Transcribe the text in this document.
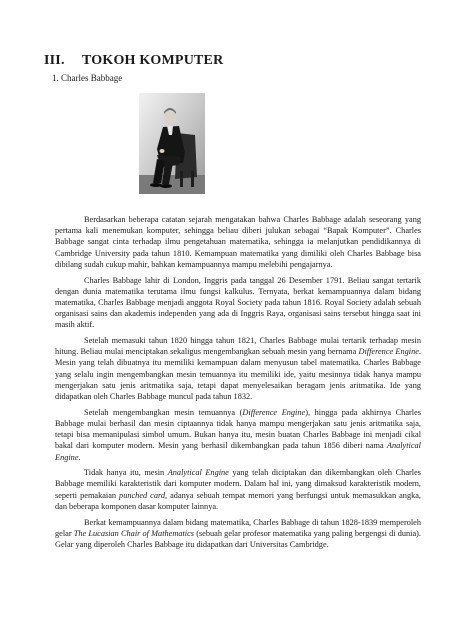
III. TOKOH KOMPUTER
1. Charles Babbage

Berdasarkan beberapa catatan sejarah mengatakan bahwa Charles Babbage adalah seseorang yang pertama kali menemukan komputer, sehingga beliau diberi julukan sebagai “Bapak Komputer”. Charles Babbage sangat cinta terhadap ilmu pengetahuan matematika, sehingga ia melanjutkan pendidikannya di Cambridge University pada tahun 1810. Kemampuan matematika yang dimiliki oleh Charles Babbage bisa dibilang sudah cukup mahir, bahkan kemampuannya mampu melebihi pengajarnya.

Charles Babbage lahir di London, Inggris pada tanggal 26 Desember 1791. Beliau sangat tertarik dengan dunia matematika terutama ilmu fungsi kalkulus. Ternyata, berkat kemampuannya dalam bidang matematika, Charles Babbage menjadi anggota Royal Society pada tahun 1816. Royal Society adalah sebuah organisasi sains dan akademis independen yang ada di Inggris Raya, organisasi sains tersebut hingga saat ini masih aktif.

Setelah memasuki tahun 1820 hingga tahun 1821, Charles Babbage mulai tertarik terhadap mesin hitung. Beliau mulai menciptakan sekaligus mengembangkan sebuah mesin yang bernama Difference Engine. Mesin yang telah dibuatnya itu memiliki kemampuan dalam menyusun tabel matematika. Charles Babbage yang selalu ingin mengembangkan mesin temuannya itu memiliki ide, yaitu mesinnya tidak hanya mampu mengerjakan satu jenis aritmatika saja, tetapi dapat menyelesaikan beragam jenis aritmatika. Ide yang didapatkan oleh Charles Babbage muncul pada tahun 1832.

Setelah mengembangkan mesin temuannya (Difference Engine), hingga pada akhirnya Charles Babbage mulai berhasil dan mesin ciptaannya tidak hanya mampu mengerjakan satu jenis aritmatika saja, tetapi bisa memanipulasi simbol umum. Bukan hanya itu, mesin buatan Charles Babbage ini menjadi cikal bakal dari komputer modern. Mesin yang berhasil dikembangkan pada tahun 1856 diberi nama Analytical Engine.

Tidak hanya itu, mesin Analytical Engine yang telah diciptakan dan dikembangkan oleh Charles Babbage memiliki karakteristik dari komputer modern. Dalam hal ini, yang dimaksud karakteristik modern, seperti pemakaian punched card, adanya sebuah tempat memori yang berfungsi untuk memasukkan angka, dan beberapa komponen dasar komputer lainnya.

Berkat kemampuannya dalam bidang matematika, Charles Babbage di tahun 1828-1839 memperoleh gelar The Lucasian Chair of Mathematics (sebuah gelar profesor matematika yang paling bergengsi di dunia). Gelar yang diperoleh Charles Babbage itu didapatkan dari Universitas Cambridge.
